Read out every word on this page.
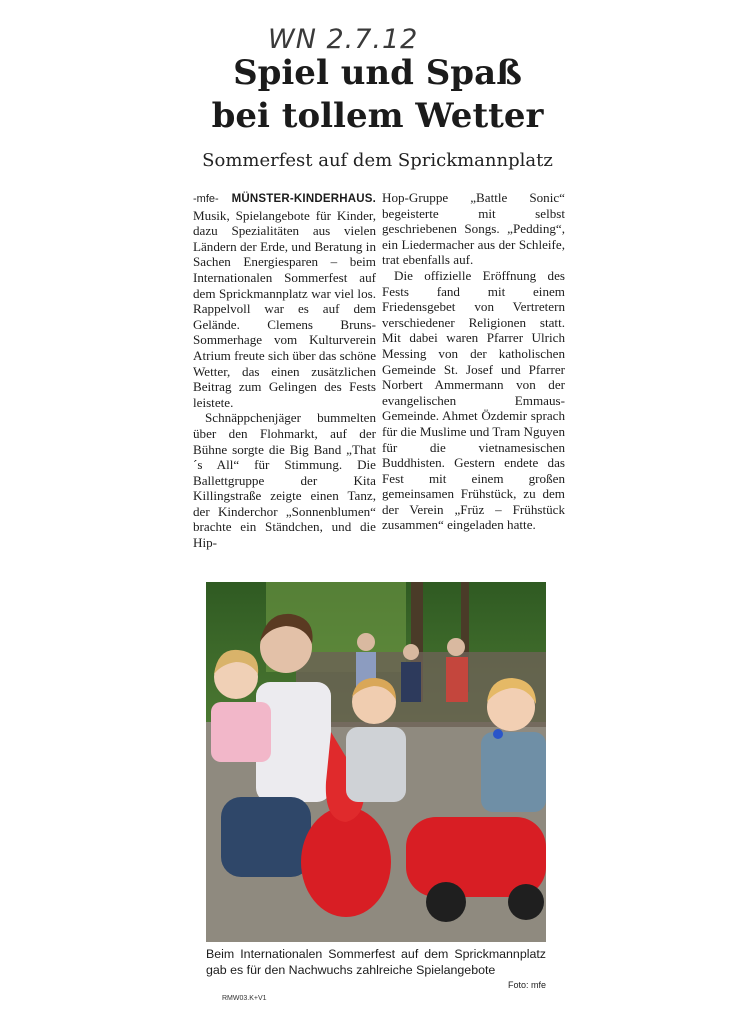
WN 2.7.12
Spiel und Spaß
bei tollem Wetter
Sommerfest auf dem Sprickmannplatz

-mfe- MÜNSTER-KINDERHAUS. Musik, Spielangebote für Kinder, dazu Spezialitäten aus vielen Ländern der Erde, und Beratung in Sachen Energiesparen – beim Internationalen Sommerfest auf dem Sprickmannplatz war viel los. Rappelvoll war es auf dem Gelände. Clemens Bruns-Sommerhage vom Kulturverein Atrium freute sich über das schöne Wetter, das einen zusätzlichen Beitrag zum Gelingen des Fests leistete.

Schnäppchenjäger bummelten über den Flohmarkt, auf der Bühne sorgte die Big Band „That´s All“ für Stimmung. Die Ballettgruppe der Kita Killingstraße zeigte einen Tanz, der Kinderchor „Sonnenblumen“ brachte ein Ständchen, und die Hip-

Hop-Gruppe „Battle Sonic“ begeisterte mit selbst geschriebenen Songs. „Pedding“, ein Liedermacher aus der Schleife, trat ebenfalls auf.

Die offizielle Eröffnung des Fests fand mit einem Friedensgebet von Vertretern verschiedener Religionen statt. Mit dabei waren Pfarrer Ulrich Messing von der katholischen Gemeinde St. Josef und Pfarrer Norbert Ammermann von der evangelischen Emmaus-Gemeinde. Ahmet Özdemir sprach für die Muslime und Tram Nguyen für die vietnamesischen Buddhisten. Gestern endete das Fest mit einem großen gemeinsamen Frühstück, zu dem der Verein „Früz – Frühstück zusammen“ eingeladen hatte.

Beim Internationalen Sommerfest auf dem Sprickmannplatz gab es für den Nachwuchs zahlreiche Spielangebote
Foto: mfe
RMW03.K+V1
